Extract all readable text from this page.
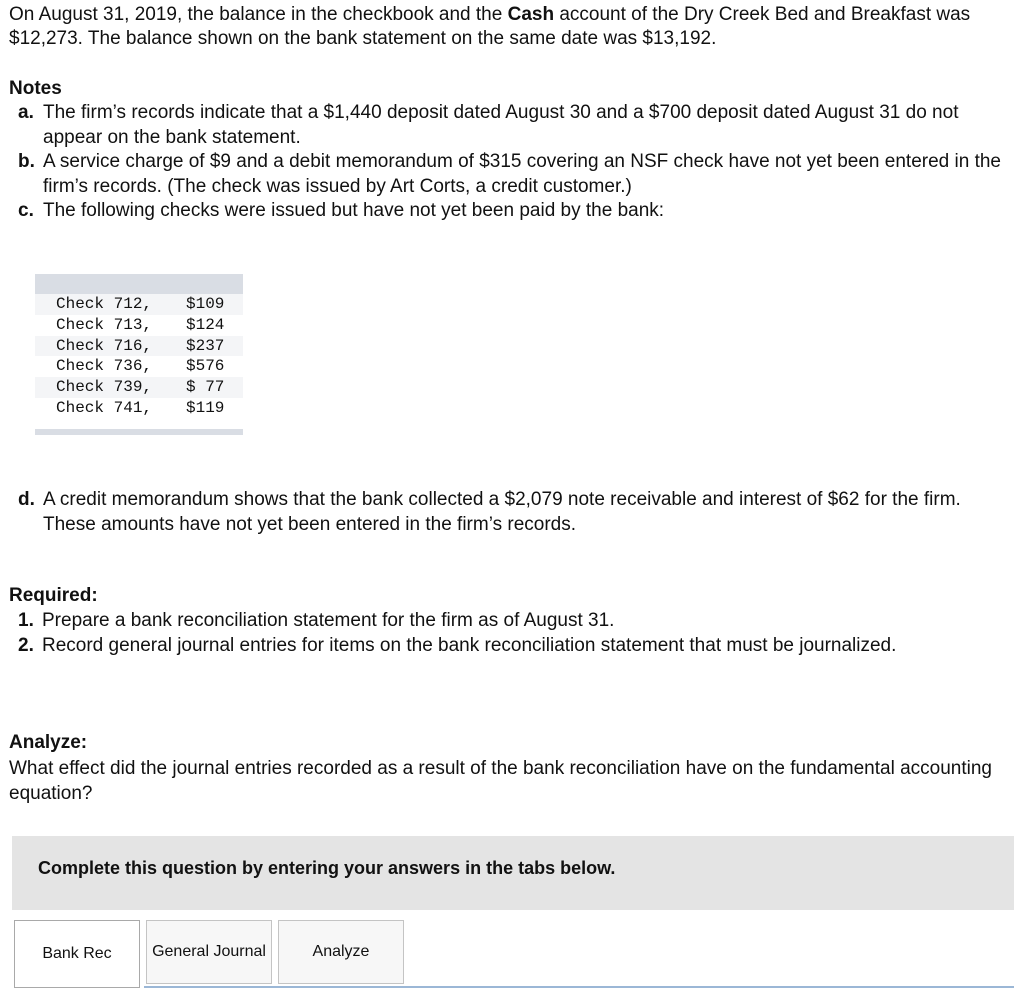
On August 31, 2019, the balance in the checkbook and the Cash account of the Dry Creek Bed and Breakfast was $12,273. The balance shown on the bank statement on the same date was $13,192.

Notes

a. The firm’s records indicate that a $1,440 deposit dated August 30 and a $700 deposit dated August 31 do not appear on the bank statement.
b. A service charge of $9 and a debit memorandum of $315 covering an NSF check have not yet been entered in the firm’s records. (The check was issued by Art Corts, a credit customer.)
c. The following checks were issued but have not yet been paid by the bank:
Check 712,	$109
Check 713,	$124
Check 716,	$237
Check 736,	$576
Check 739,	$ 77
Check 741,	$119

d. A credit memorandum shows that the bank collected a $2,079 note receivable and interest of $62 for the firm. These amounts have not yet been entered in the firm’s records.

Required:

1. Prepare a bank reconciliation statement for the firm as of August 31.
2. Record general journal entries for items on the bank reconciliation statement that must be journalized.

Analyze:

What effect did the journal entries recorded as a result of the bank reconciliation have on the fundamental accounting equation?

Complete this question by entering your answers in the tabs below.
Bank Rec	General Journal	Analyze
